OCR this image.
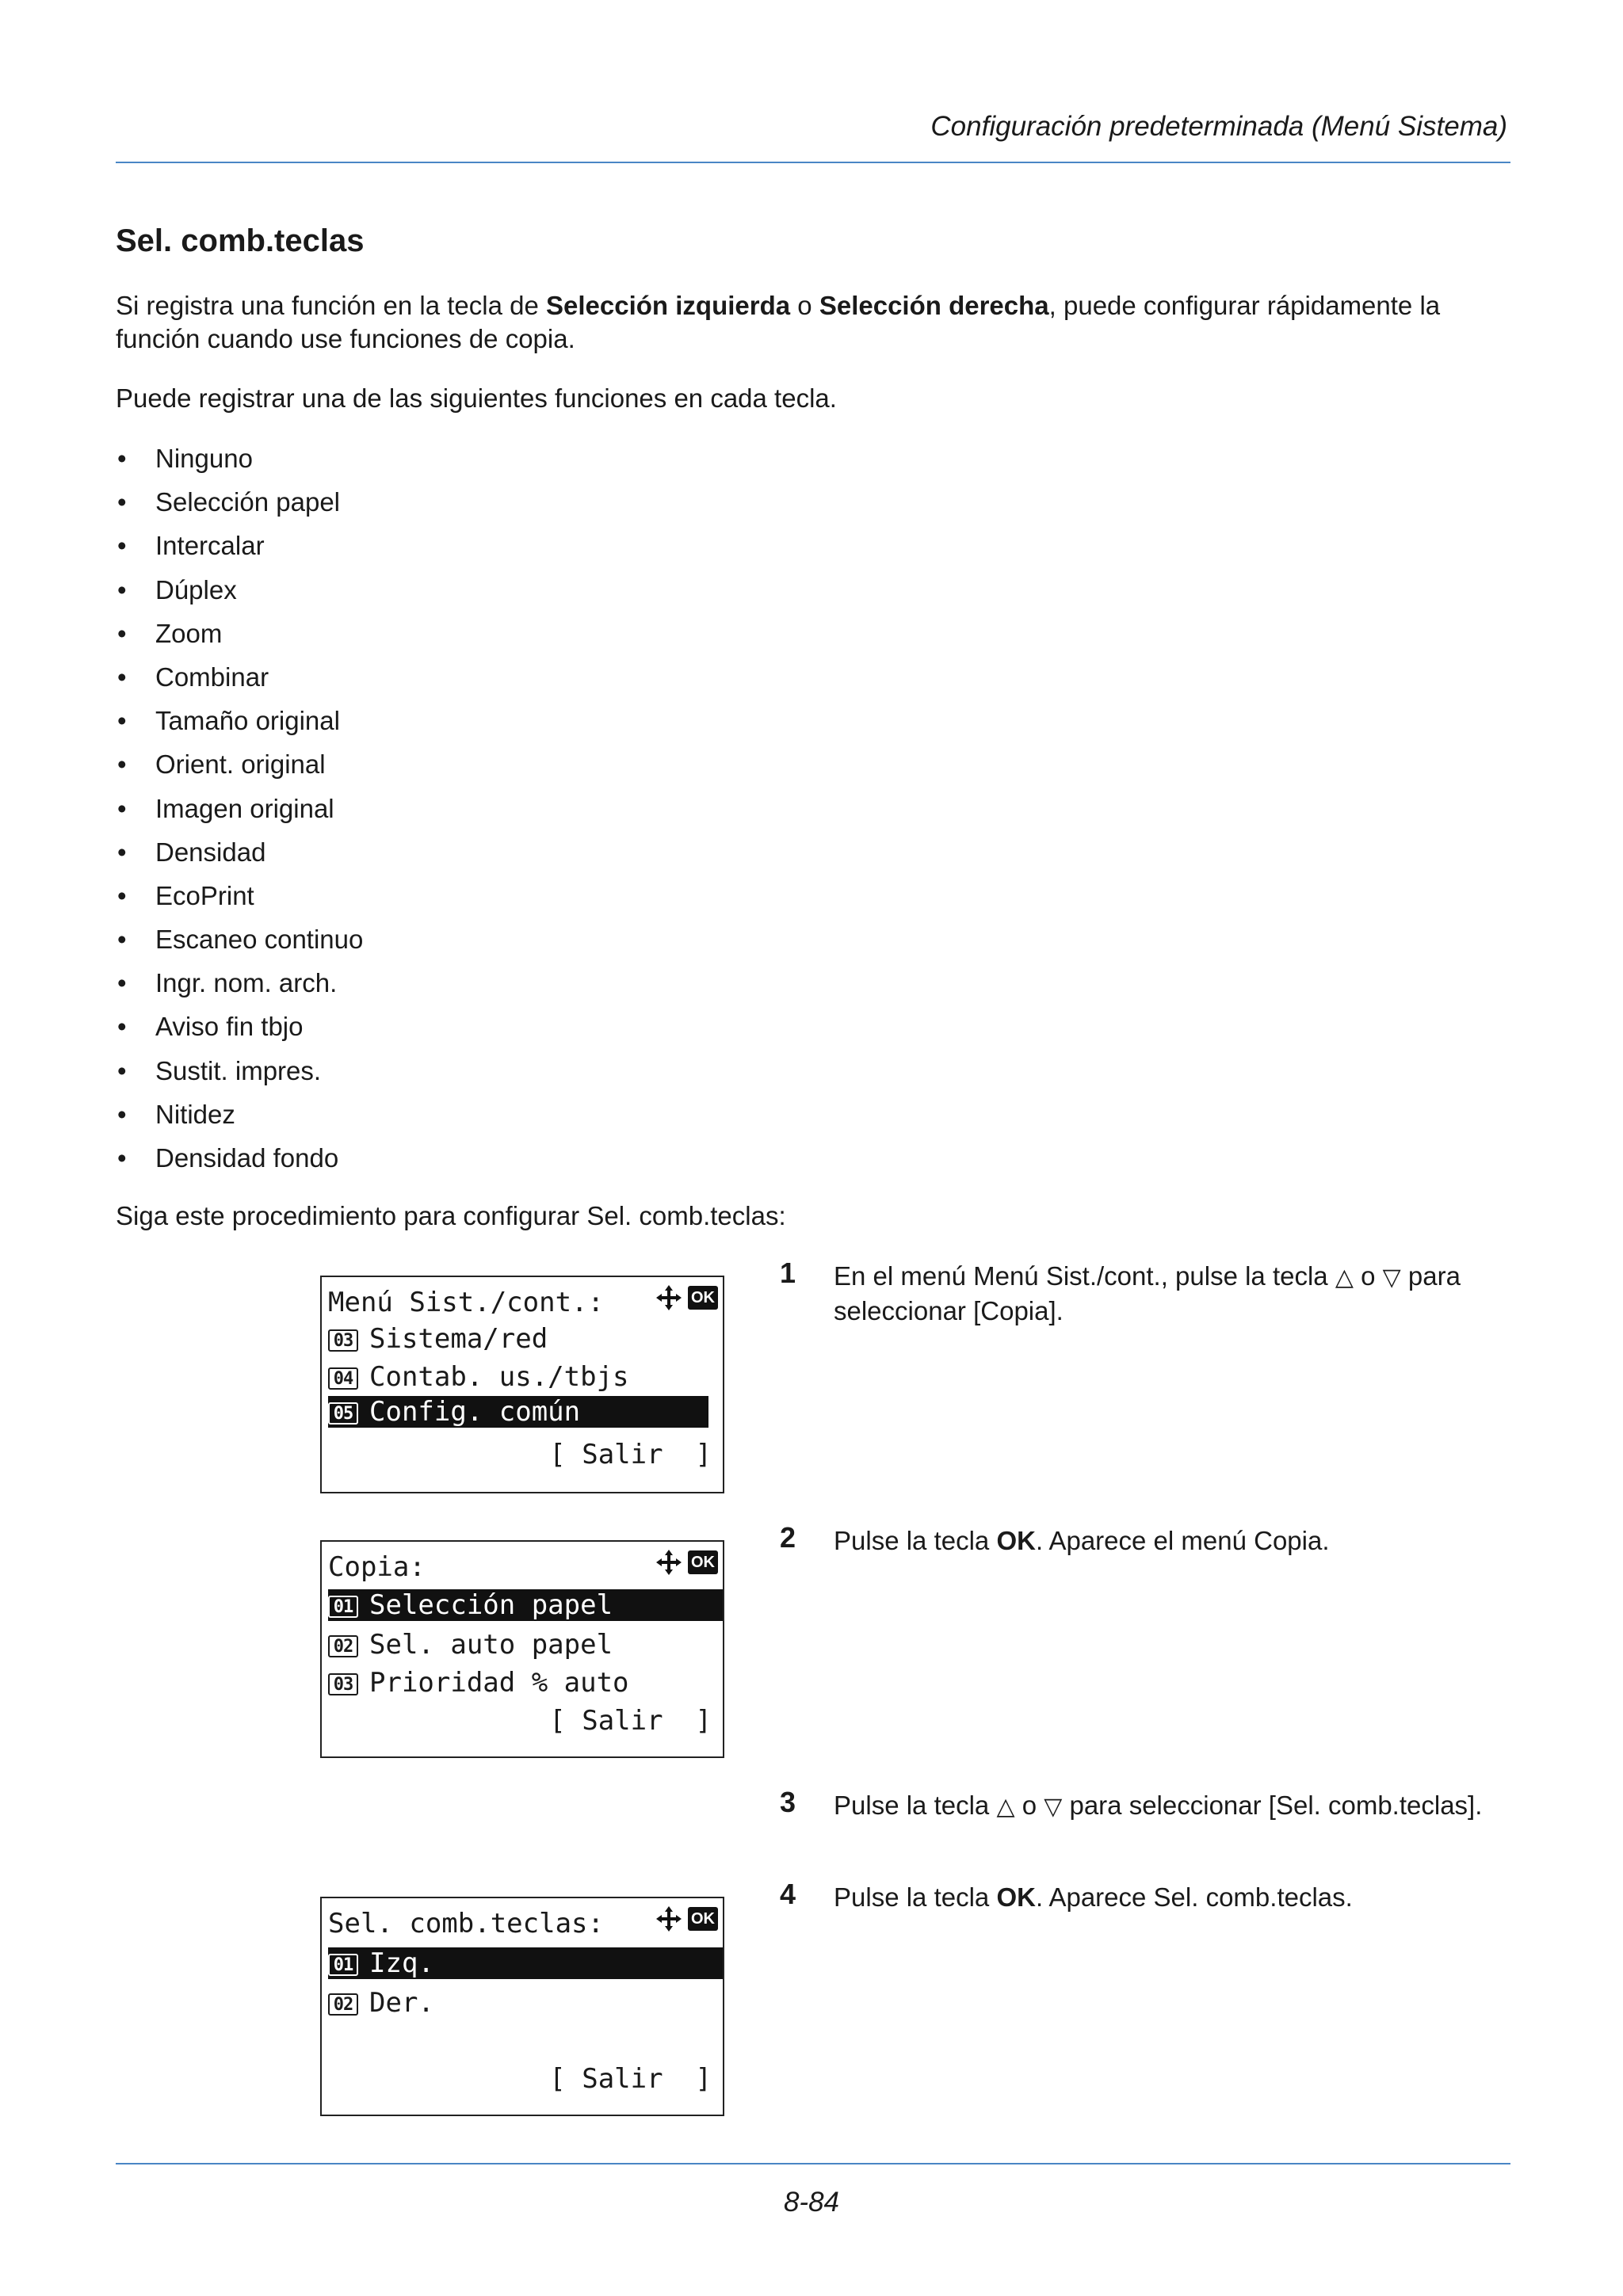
Configuración predeterminada (Menú Sistema)
Sel. comb.teclas

Si registra una función en la tecla de Selección izquierda o Selección derecha, puede configurar rápidamente la función cuando use funciones de copia.

Puede registrar una de las siguientes funciones en cada tecla.

• Ninguno
• Selección papel
• Intercalar
• Dúplex
• Zoom
• Combinar
• Tamaño original
• Orient. original
• Imagen original
• Densidad
• EcoPrint
• Escaneo continuo
• Ingr. nom. arch.
• Aviso fin tbjo
• Sustit. impres.
• Nitidez
• Densidad fondo

Siga este procedimiento para configurar Sel. comb.teclas:

Menú Sist./cont.:	OK
03 Sistema/red
04 Contab. us./tbjs
05 Config. común
[ Salir  ]
Copia:	OK
01 Selección papel
02 Sel. auto papel
03 Prioridad % auto
[ Salir  ]
Sel. comb.teclas:	OK
01 Izq.
02 Der.
[ Salir  ]
1 En el menú Menú Sist./cont., pulse la tecla △ o ▽ para seleccionar [Copia].

2 Pulse la tecla OK. Aparece el menú Copia.

3 Pulse la tecla △ o ▽ para seleccionar [Sel. comb.teclas].

4 Pulse la tecla OK. Aparece Sel. comb.teclas.

8-84
